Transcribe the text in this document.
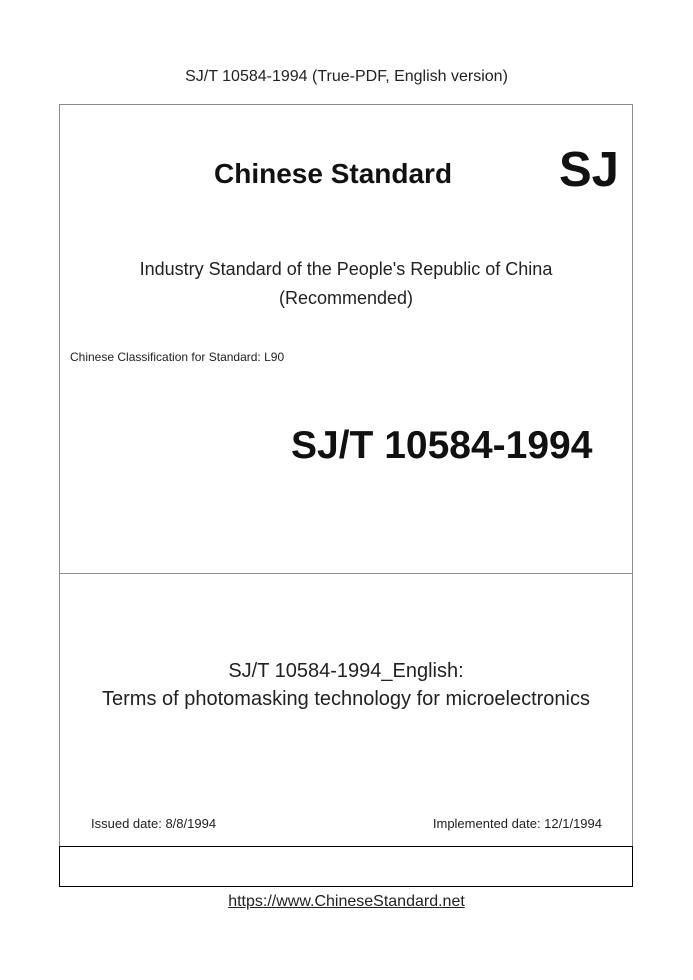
SJ/T 10584-1994 (True-PDF, English version)
Chinese Standard SJ
Industry Standard of the People's Republic of China
(Recommended)
Chinese Classification for Standard: L90
SJ/T 10584-1994
SJ/T 10584-1994_English:
Terms of photomasking technology for microelectronics
Issued date: 8/8/1994	Implemented date: 12/1/1994
https://www.ChineseStandard.net
